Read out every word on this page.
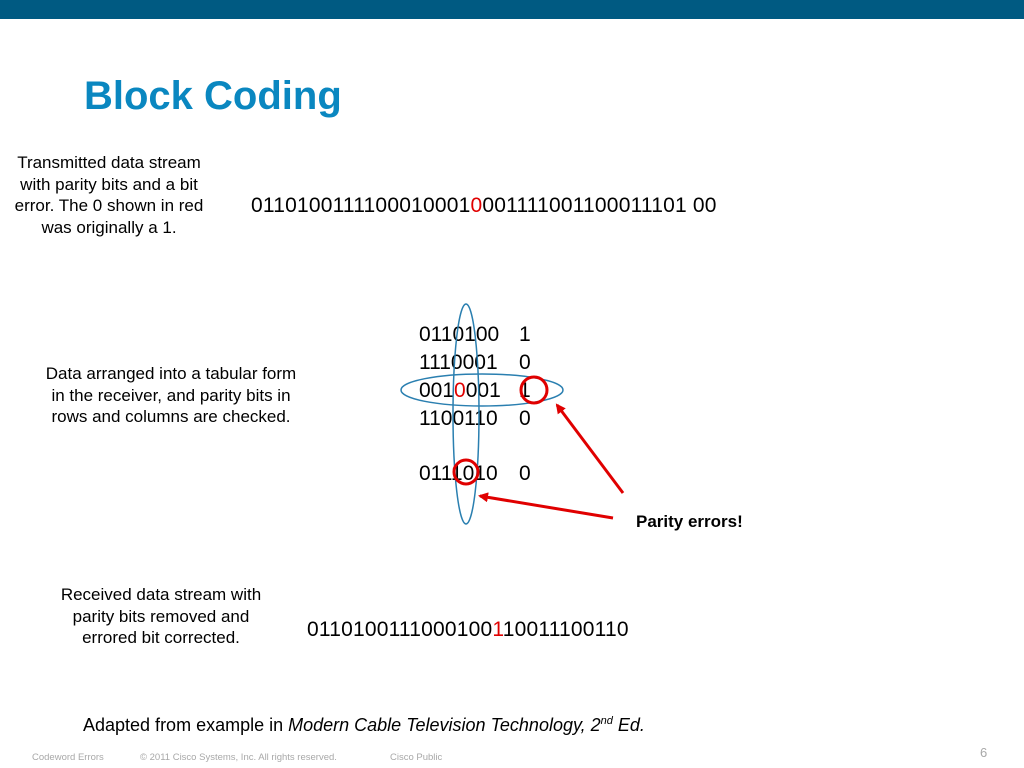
Block Coding
Transmitted data stream with parity bits and a bit error. The 0 shown in red was originally a 1.
01101001111000100010001111001100011101 00
Data arranged into a tabular form in the receiver, and parity bits in rows and columns are checked.
0110100 1
1110001 0
0010001 1
1100110 0
0111010 0
Parity errors!
Received data stream with parity bits removed and errored bit corrected.	0110100111000100110011100110
Adapted from example in Modern Cable Television Technology, 2nd Ed.
Codeword Errors	© 2011 Cisco Systems, Inc. All rights reserved.	Cisco Public	6
